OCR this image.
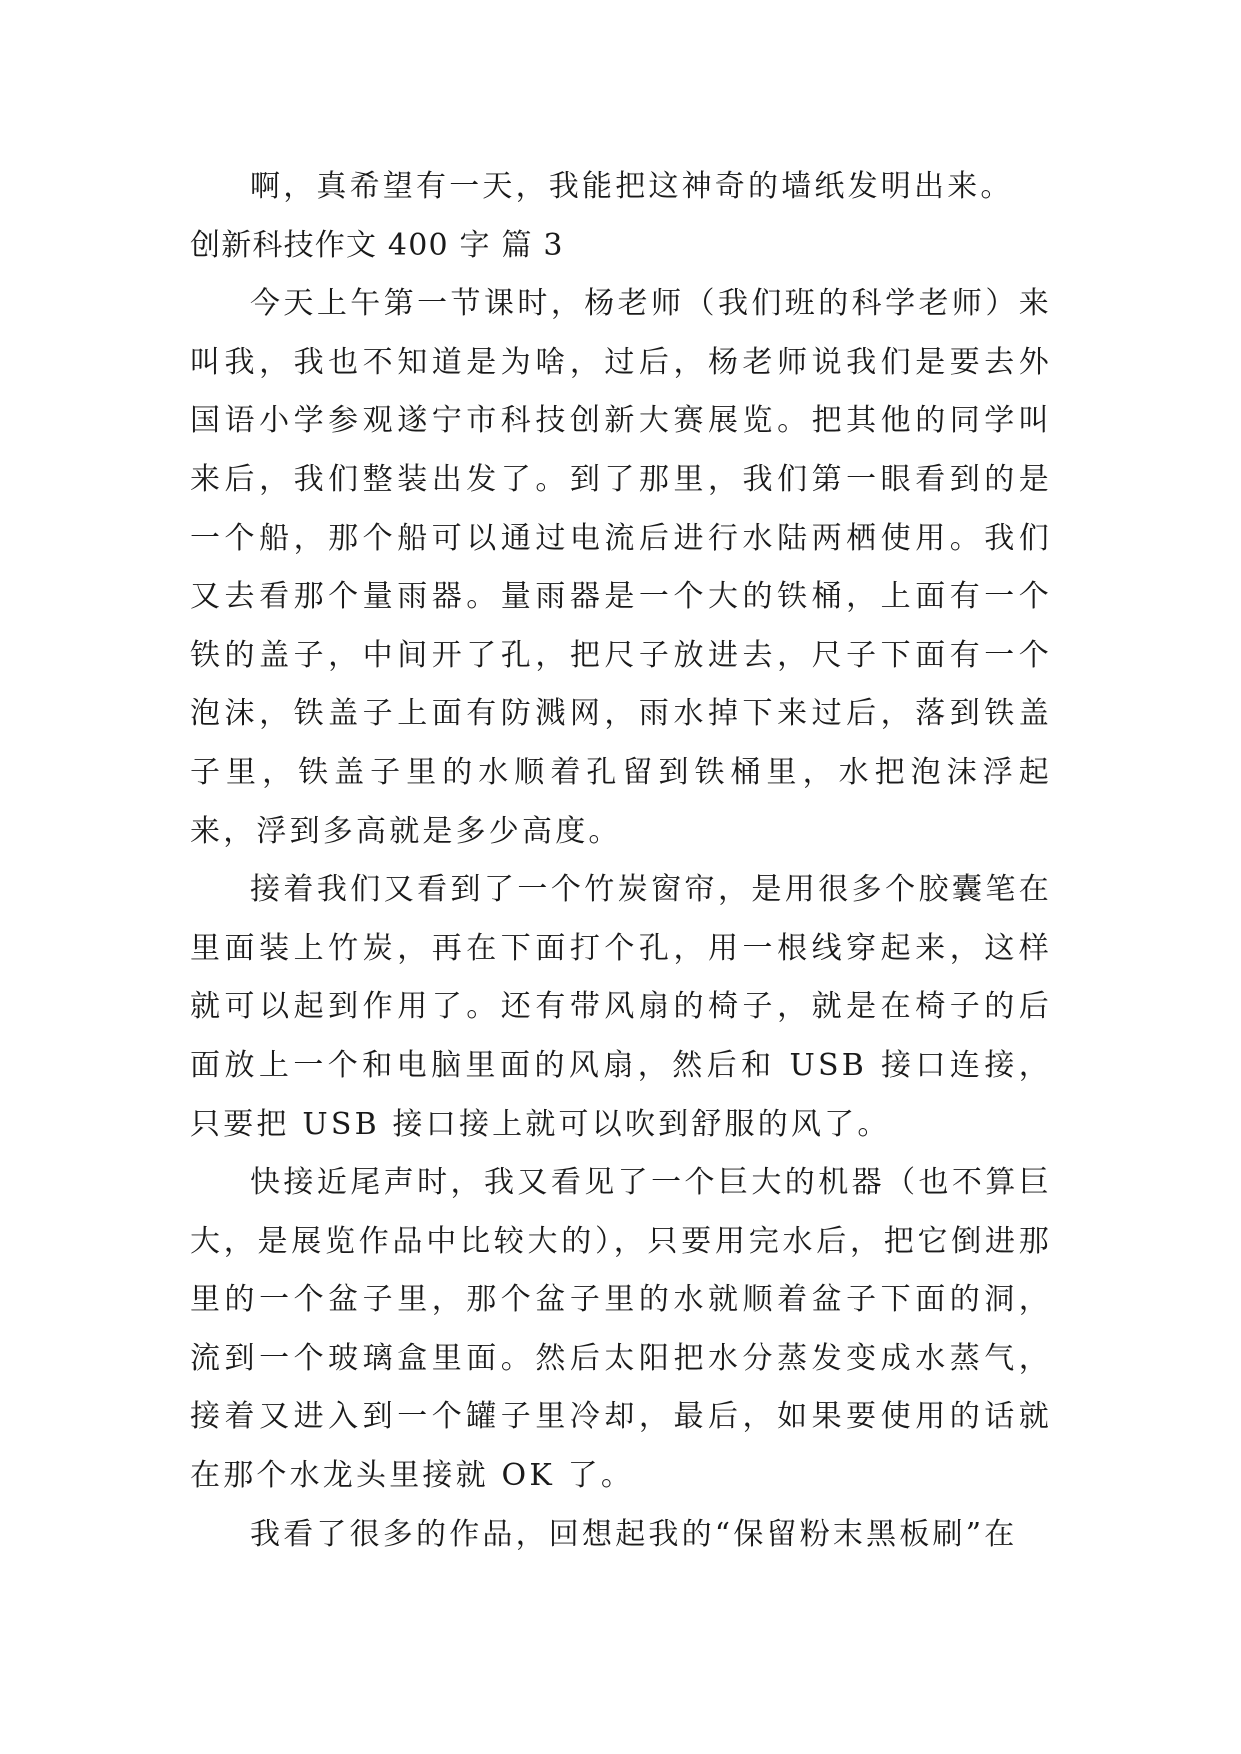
啊，真希望有一天，我能把这神奇的墙纸发明出来。

创新科技作文 400 字 篇 3

今天上午第一节课时，杨老师（我们班的科学老师）来叫我，我也不知道是为啥，过后，杨老师说我们是要去外国语小学参观遂宁市科技创新大赛展览。把其他的同学叫来后，我们整装出发了。到了那里，我们第一眼看到的是一个船，那个船可以通过电流后进行水陆两栖使用。我们又去看那个量雨器。量雨器是一个大的铁桶，上面有一个铁的盖子，中间开了孔，把尺子放进去，尺子下面有一个泡沫，铁盖子上面有防溅网，雨水掉下来过后，落到铁盖子里，铁盖子里的水顺着孔留到铁桶里，水把泡沫浮起来，浮到多高就是多少高度。

接着我们又看到了一个竹炭窗帘，是用很多个胶囊笔在里面装上竹炭，再在下面打个孔，用一根线穿起来，这样就可以起到作用了。还有带风扇的椅子，就是在椅子的后面放上一个和电脑里面的风扇，然后和 USB 接口连接，只要把 USB 接口接上就可以吹到舒服的风了。

快接近尾声时，我又看见了一个巨大的机器（也不算巨大，是展览作品中比较大的），只要用完水后，把它倒进那里的一个盆子里，那个盆子里的水就顺着盆子下面的洞，流到一个玻璃盒里面。然后太阳把水分蒸发变成水蒸气，接着又进入到一个罐子里冷却，最后，如果要使用的话就在那个水龙头里接就 OK 了。

我看了很多的作品，回想起我的“保留粉末黑板刷”在
